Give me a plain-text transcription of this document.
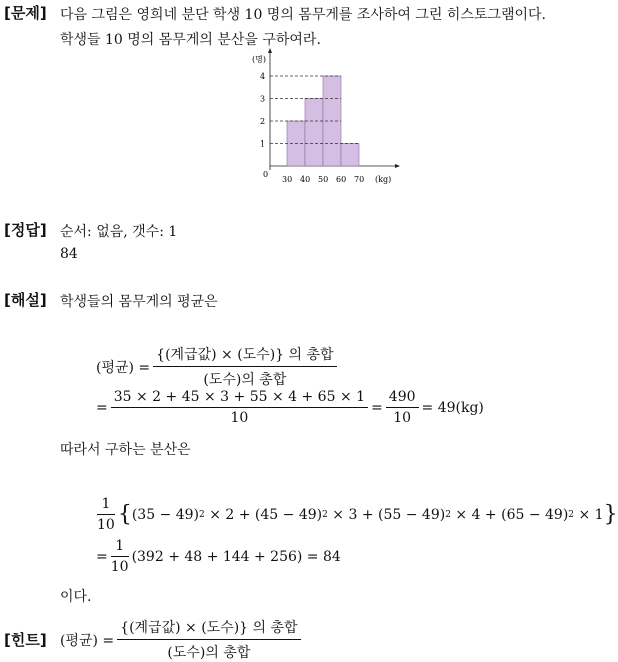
[문제] 다음 그림은 영희네 분단 학생 10 명의 몸무게를 조사하여 그린 히스토그램이다.
학생들 10 명의 몸무게의 분산을 구하여라.
1
2
3
4
30 40 50 60 70
(명)
(kg)
0
[정답] 순서: 없음, 갯수: 1
84
[해설] 학생들의 몸무게의 평균은
(평균) = $\frac{\text{\{(계급값) × (도수)\} 의 총합}}{\text{(도수)의 총합}}$
= $\frac{35 \times 2 + 45 \times 3 + 55 \times 4 + 65 \times 1}{10} = \frac{490}{10} = 49(kg)$
따라서 구하는 분산은
$\frac{1}{10}$ { (35 − 49) 2 × 2 + (45 − 49) 2 × 3 + (55 − 49) 2 × 4 + (65 − 49) 2 × 1 }
= $\frac{1}{10} (392 + 48 + 144 + 256) = 84$
이다.
[힌트] (평균) = $\frac{\text{\{(계급값) × (도수)\} 의 총합}}{\text{(도수)의 총합}}$
